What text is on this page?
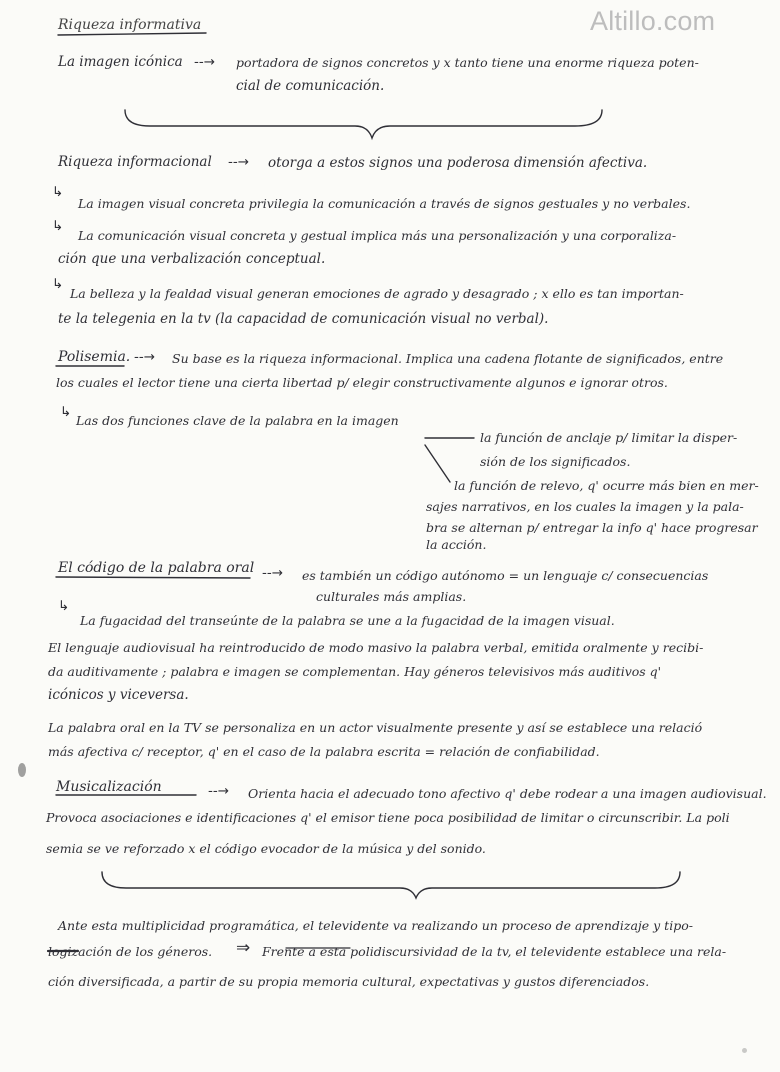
Altillo.com

Riqueza informativa

La imagen icónica --→ portadora de signos concretos y x tanto tiene una enorme riqueza poten-

cial de comunicación.

Riqueza informacional --→ otorga a estos signos una poderosa dimensión afectiva.

↳

La imagen visual concreta privilegia la comunicación a través de signos gestuales y no verbales.

↳

La comunicación visual concreta y gestual implica más una personalización y una corporaliza-

ción que una verbalización conceptual.

↳

La belleza y la fealdad visual generan emociones de agrado y desagrado ; x ello es tan importan-

te la telegenia en la tv (la capacidad de comunicación visual no verbal).

Polisemia. --→ Su base es la riqueza informacional. Implica una cadena flotante de significados, entre

los cuales el lector tiene una cierta libertad p/ elegir constructivamente algunos e ignorar otros.

↳

Las dos funciones clave de la palabra en la imagen

la función de anclaje p/ limitar la disper-

sión de los significados.

la función de relevo, q' ocurre más bien en mer-

sajes narrativos, en los cuales la imagen y la pala-

bra se alternan p/ entregar la info q' hace progresar

la acción.

El código de la palabra oral --→ es también un código autónomo = un lenguaje c/ consecuencias

culturales más amplias.

↳

La fugacidad del transeúnte de la palabra se une a la fugacidad de la imagen visual.

El lenguaje audiovisual ha reintroducido de modo masivo la palabra verbal, emitida oralmente y recibi-

da auditivamente ; palabra e imagen se complementan. Hay géneros televisivos más auditivos q'

icónicos y viceversa.

La palabra oral en la TV se personaliza en un actor visualmente presente y así se establece una relació

más afectiva c/ receptor, q' en el caso de la palabra escrita = relación de confiabilidad.

Musicalización	--→ Orienta hacia el adecuado tono afectivo q' debe rodear a una imagen audiovisual.

Provoca asociaciones e identificaciones q' el emisor tiene poca posibilidad de limitar o circunscribir. La poli

semia se ve reforzado x el código evocador de la música y del sonido.

Ante esta multiplicidad programática, el televidente va realizando un proceso de aprendizaje y tipo-

logización de los géneros. ⇒ Frente a esta polidiscursividad de la tv, el televidente establece una rela-

ción diversificada, a partir de su propia memoria cultural, expectativas y gustos diferenciados.
